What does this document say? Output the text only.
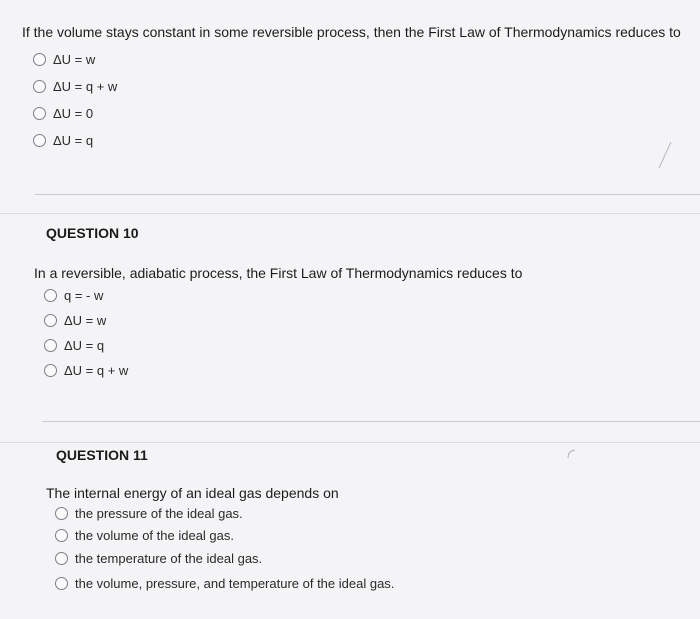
If the volume stays constant in some reversible process, then the First Law of Thermodynamics reduces to
ΔU = w
ΔU = q + w
ΔU = 0
ΔU = q
QUESTION 10
In a reversible, adiabatic process, the First Law of Thermodynamics reduces to
q = - w
ΔU = w
ΔU = q
ΔU = q + w
QUESTION 11
The internal energy of an ideal gas depends on
the pressure of the ideal gas.
the volume of the ideal gas.
the temperature of the ideal gas.
the volume, pressure, and temperature of the ideal gas.
